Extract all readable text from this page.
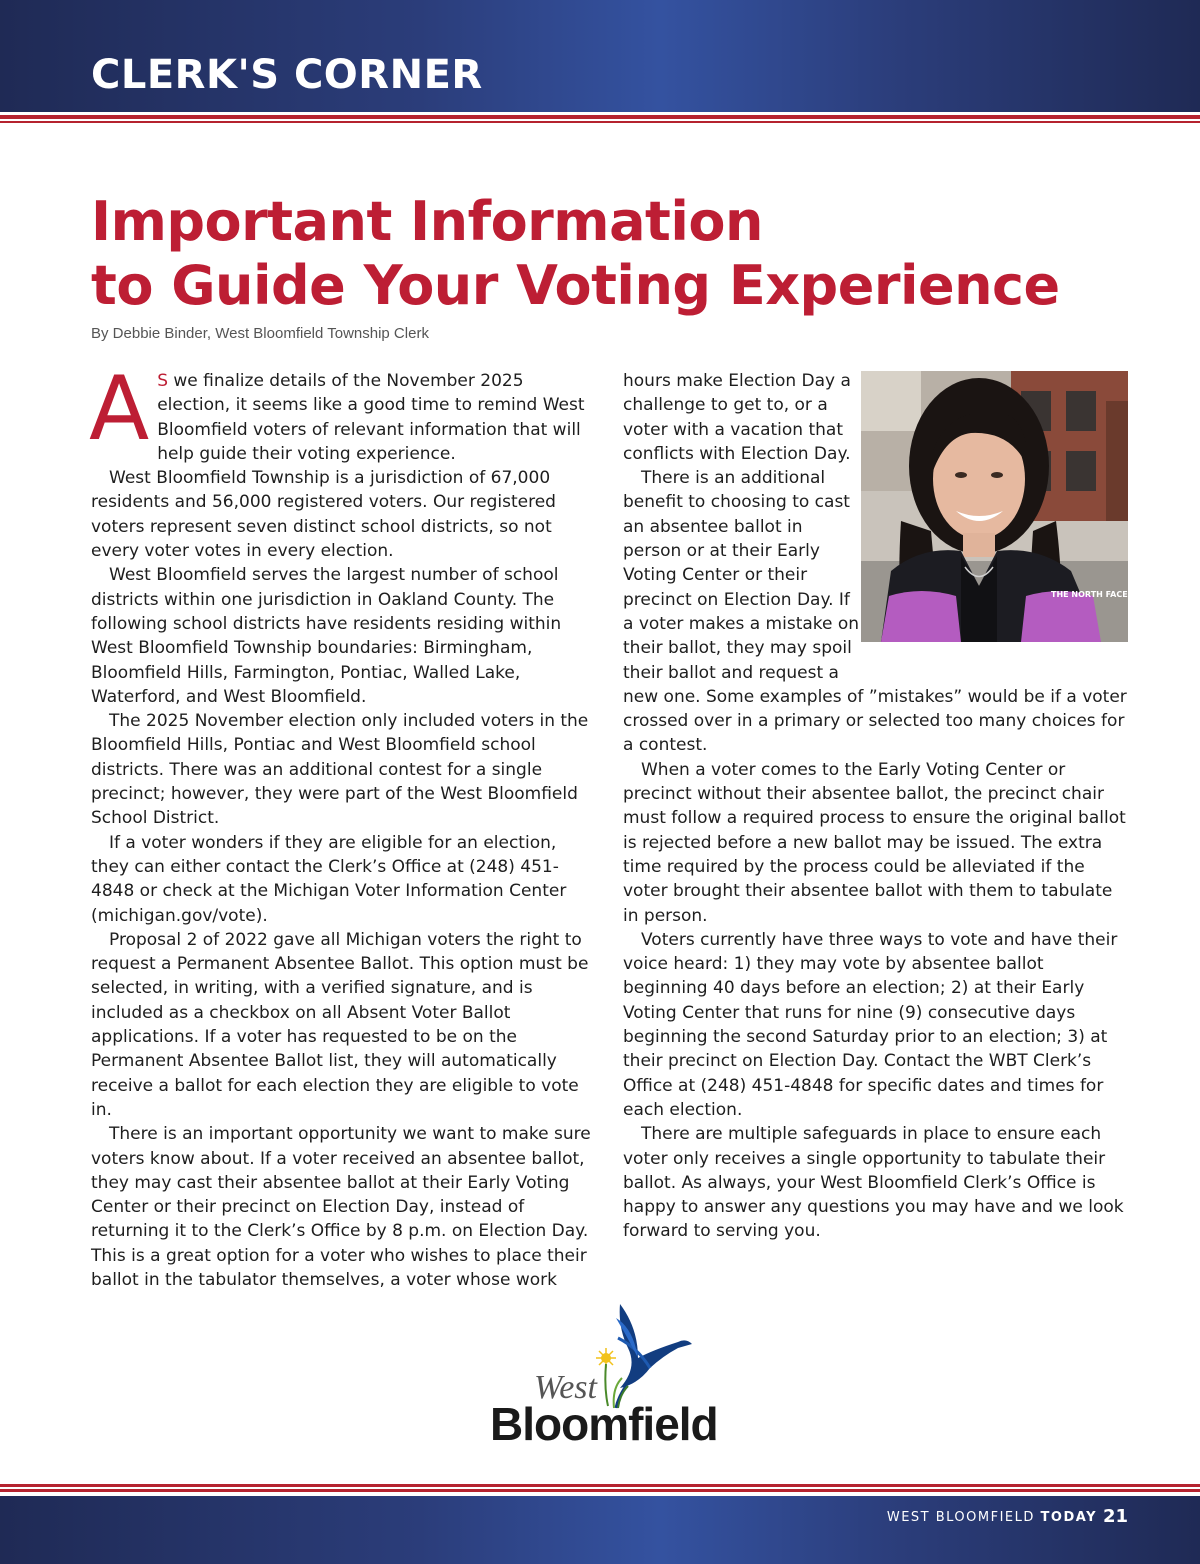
CLERK'S CORNER
Important Information
to Guide Your Voting Experience
By Debbie Binder, West Bloomfield Township Clerk

A S we finalize details of the November 2025 election, it seems like a good time to remind West Bloomfield voters of relevant information that will help guide their voting experience.

West Bloomfield Township is a jurisdiction of 67,000 residents and 56,000 registered voters. Our registered voters represent seven distinct school districts, so not every voter votes in every election.

West Bloomfield serves the largest number of school districts within one jurisdiction in Oakland County. The following school districts have residents residing within West Bloomfield Township boundaries: Birmingham, Bloomfield Hills, Farmington, Pontiac, Walled Lake, Waterford, and West Bloomfield.

The 2025 November election only included voters in the Bloomfield Hills, Pontiac and West Bloomfield school districts. There was an additional contest for a single precinct; however, they were part of the West Bloomfield School District.

If a voter wonders if they are eligible for an election, they can either contact the Clerk’s Office at (248) 451-4848 or check at the Michigan Voter Information Center (michigan.gov/vote).

Proposal 2 of 2022 gave all Michigan voters the right to request a Permanent Absentee Ballot. This option must be selected, in writing, with a verified signature, and is included as a checkbox on all Absent Voter Ballot applications. If a voter has requested to be on the Permanent Absentee Ballot list, they will automatically receive a ballot for each election they are eligible to vote in.

There is an important opportunity we want to make sure voters know about. If a voter received an absentee ballot, they may cast their absentee ballot at their Early Voting Center or their precinct on Election Day, instead of returning it to the Clerk’s Office by 8 p.m. on Election Day. This is a great option for a voter who wishes to place their ballot in the tabulator themselves, a voter whose work

hours make Election Day a challenge to get to, or a voter with a vacation that conflicts with Election Day.

There is an additional benefit to choosing to cast an absentee ballot in person or at their Early Voting Center or their precinct on Election Day. If a voter makes a mistake on their ballot, they may spoil their ballot and request a new one. Some examples of ”mistakes” would be if a voter crossed over in a primary or selected too many choices for a contest.

When a voter comes to the Early Voting Center or precinct without their absentee ballot, the precinct chair must follow a required process to ensure the original ballot is rejected before a new ballot may be issued. The extra time required by the process could be alleviated if the voter brought their absentee ballot with them to tabulate in person.

Voters currently have three ways to vote and have their voice heard: 1) they may vote by absentee ballot beginning 40 days before an election; 2) at their Early Voting Center that runs for nine (9) consecutive days beginning the second Saturday prior to an election; 3) at their precinct on Election Day. Contact the WBT Clerk’s Office at (248) 451-4848 for specific dates and times for each election.

There are multiple safeguards in place to ensure each voter only receives a single opportunity to tabulate their ballot. As always, your West Bloomfield Clerk’s Office is happy to answer any questions you may have and we look forward to serving you.

THE NORTH FACE
West
Bloomfield
WEST BLOOMFIELD TODAY 21
